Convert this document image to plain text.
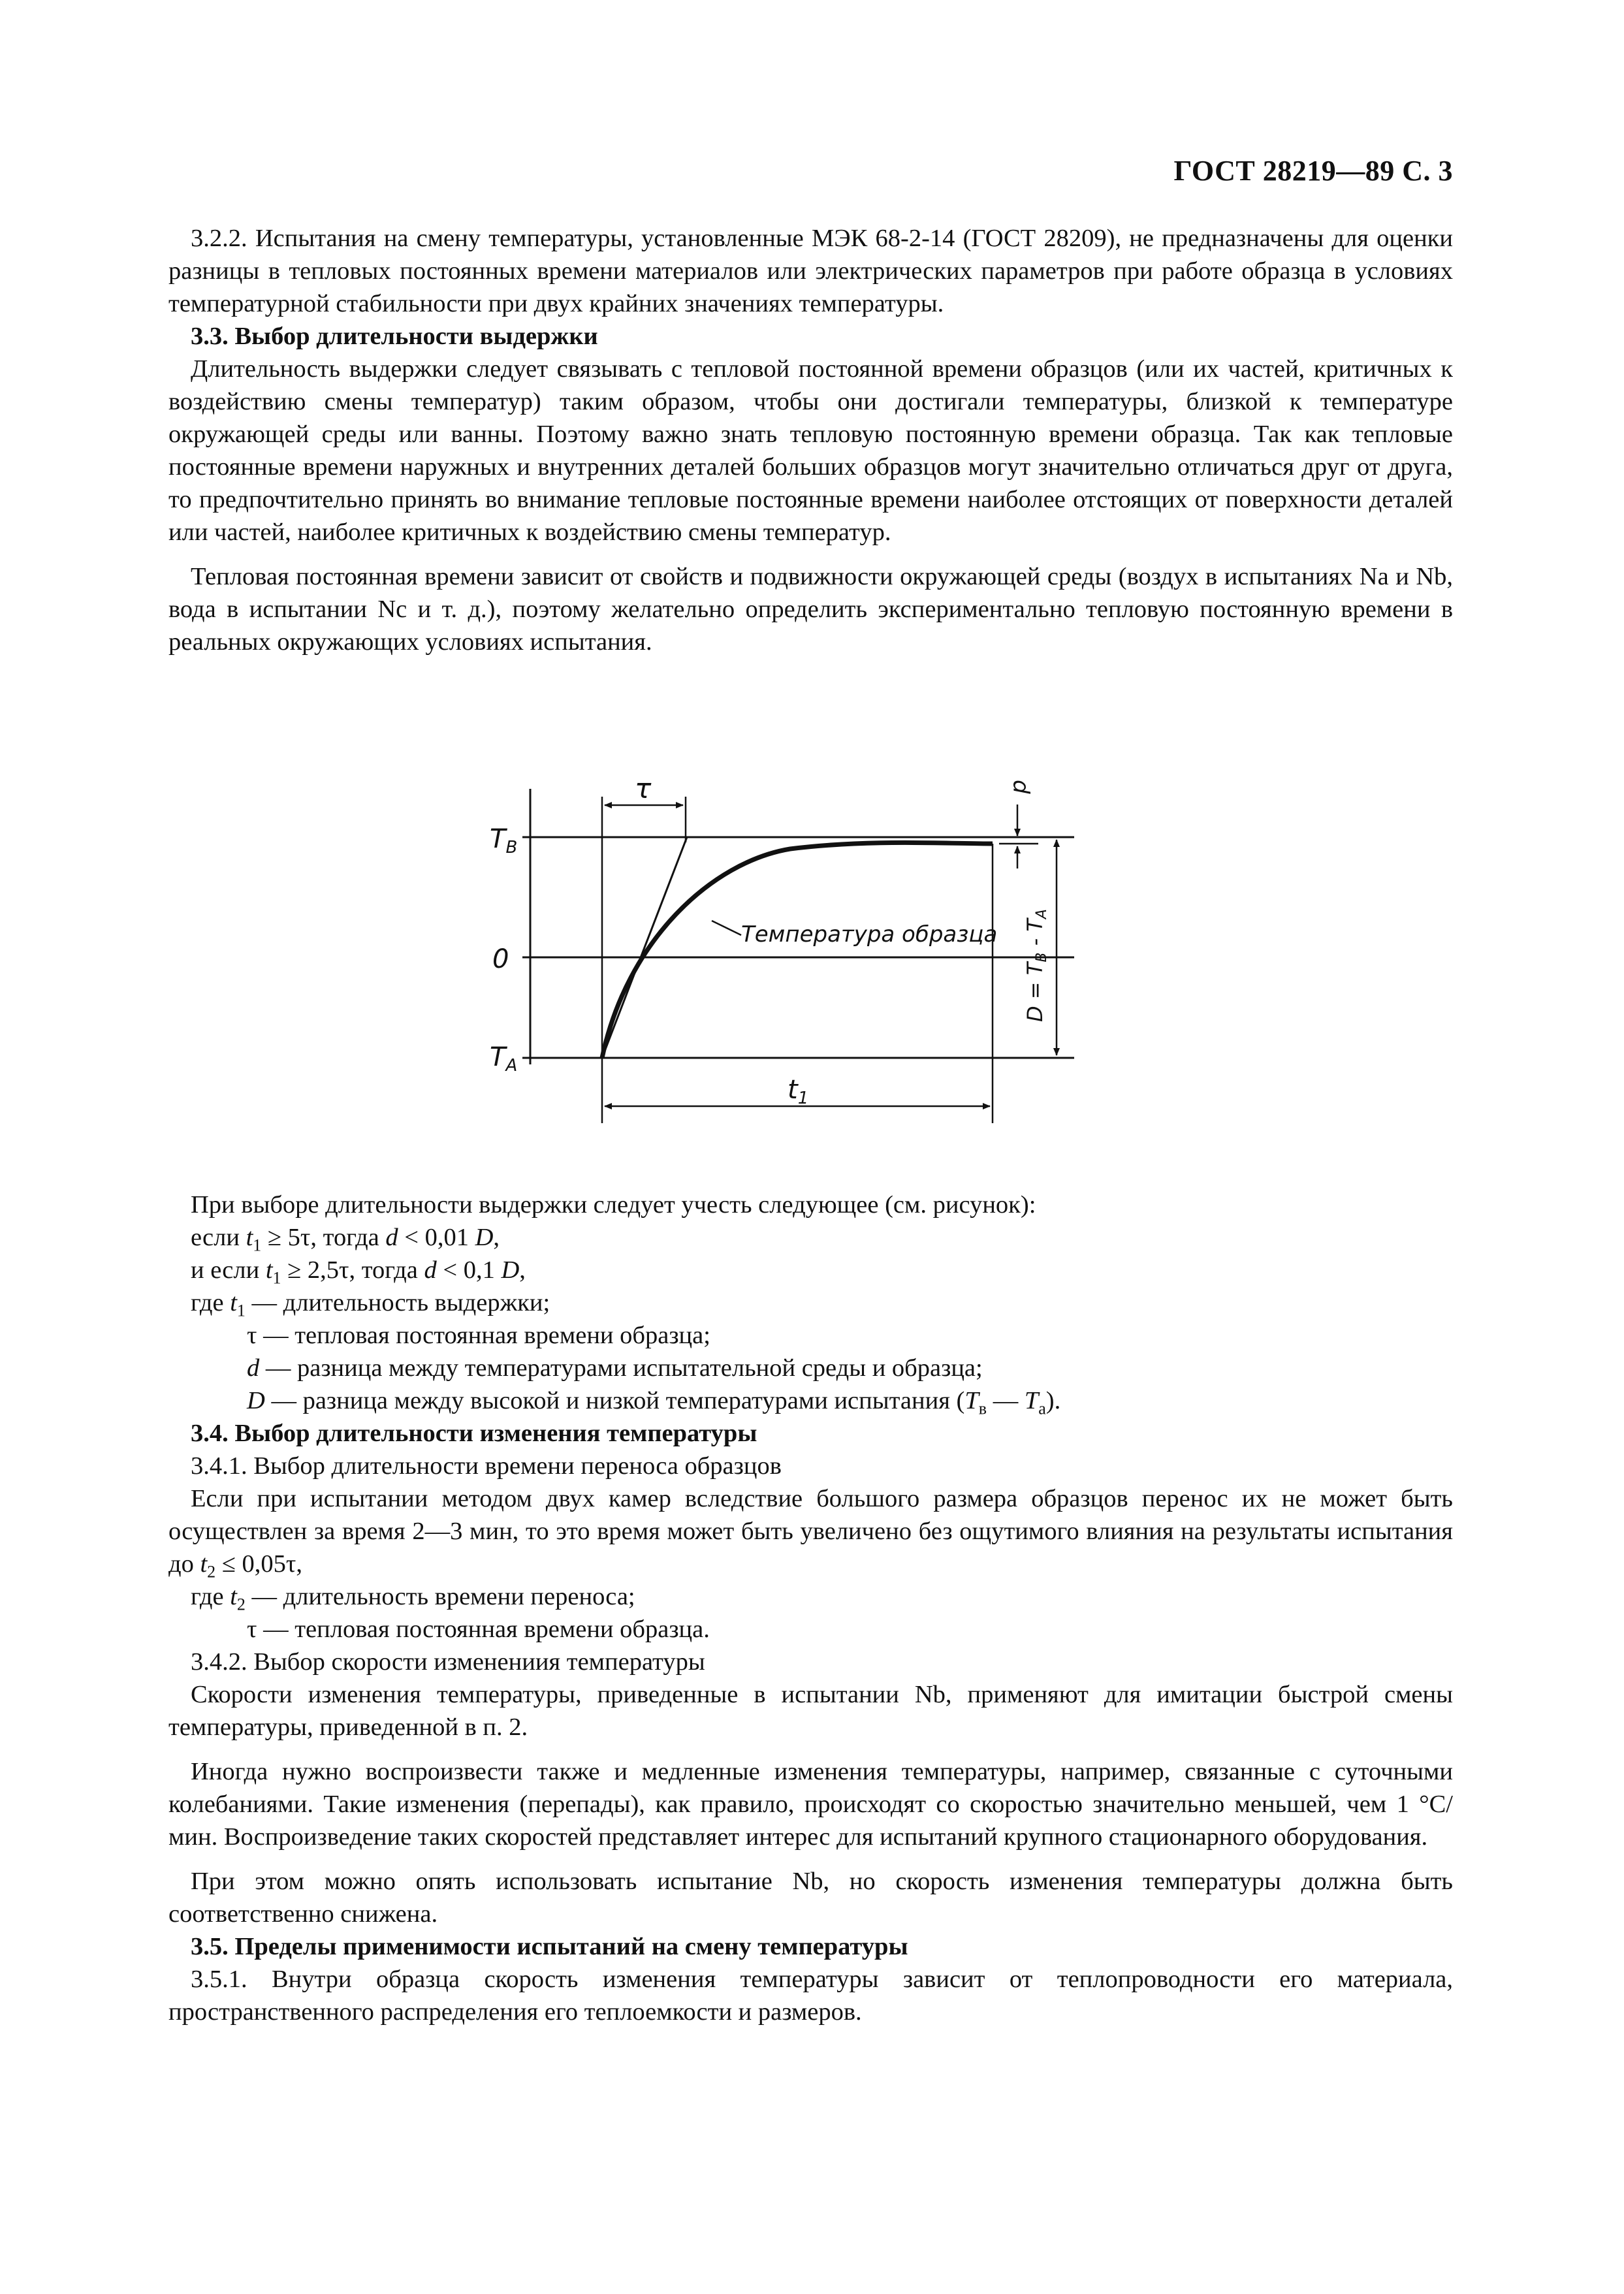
ГОСТ 28219—89 С. 3

3.2.2. Испытания на смену температуры, установленные МЭК 68-2-14 (ГОСТ 28209), не предназначены для оценки разницы в тепловых постоянных времени материалов или электрических параметров при работе образца в условиях температурной стабильности при двух крайних значениях температуры.

3.3. Выбор длительности выдержки

Длительность выдержки следует связывать с тепловой постоянной времени образцов (или их частей, критичных к воздействию смены температур) таким образом, чтобы они достигали температуры, близкой к температуре окружающей среды или ванны. Поэтому важно знать тепловую постоянную времени образца. Так как тепловые постоянные времени наружных и внутренних деталей больших образцов могут значительно отличаться друг от друга, то предпочтительно принять во внимание тепловые постоянные времени наиболее отстоящих от поверхности деталей или частей, наиболее критичных к воздействию смены температур.

Тепловая постоянная времени зависит от свойств и подвижности окружающей среды (воздух в испытаниях Na и Nb, вода в испытании Nc и т. д.), поэтому желательно определить экспериментально тепловую постоянную времени в реальных окружающих условиях испытания.

τ	d
$T_B$
0
$T_A$
Температура образца
$t_1$
D = TB - TA

При выборе длительности выдержки следует учесть следующее (см. рисунок):

если $t_1 \ge 5\tau$, тогда d < 0,01 D,

и если $t_1 \ge 2,5\tau$, тогда d < 0,1 D,

где $t_1$ — длительность выдержки;

τ — тепловая постоянная времени образца;

d — разница между температурами испытательной среды и образца;

D — разница между высокой и низкой температурами испытания ($T_в$ — $T_а$).

3.4. Выбор длительности изменения температуры

3.4.1. Выбор длительности времени переноса образцов

Если при испытании методом двух камер вследствие большого размера образцов перенос их не может быть осуществлен за время 2—3 мин, то это время может быть увеличено без ощутимого влияния на результаты испытания до $t_2 \le 0,05\tau$,

где $t_2$ — длительность времени переноса;

τ — тепловая постоянная времени образца.

3.4.2. Выбор скорости изменениия температуры

Скорости изменения температуры, приведенные в испытании Nb, применяют для имитации быстрой смены температуры, приведенной в п. 2.

Иногда нужно воспроизвести также и медленные изменения температуры, например, связанные с суточными колебаниями. Такие изменения (перепады), как правило, происходят со скоростью значительно меньшей, чем 1 °С/мин. Воспроизведение таких скоростей представляет интерес для испытаний крупного стационарного оборудования.

При этом можно опять использовать испытание Nb, но скорость изменения температуры должна быть соответственно снижена.

3.5. Пределы применимости испытаний на смену температуры

3.5.1. Внутри образца скорость изменения температуры зависит от теплопроводности его материала, пространственного распределения его теплоемкости и размеров.
